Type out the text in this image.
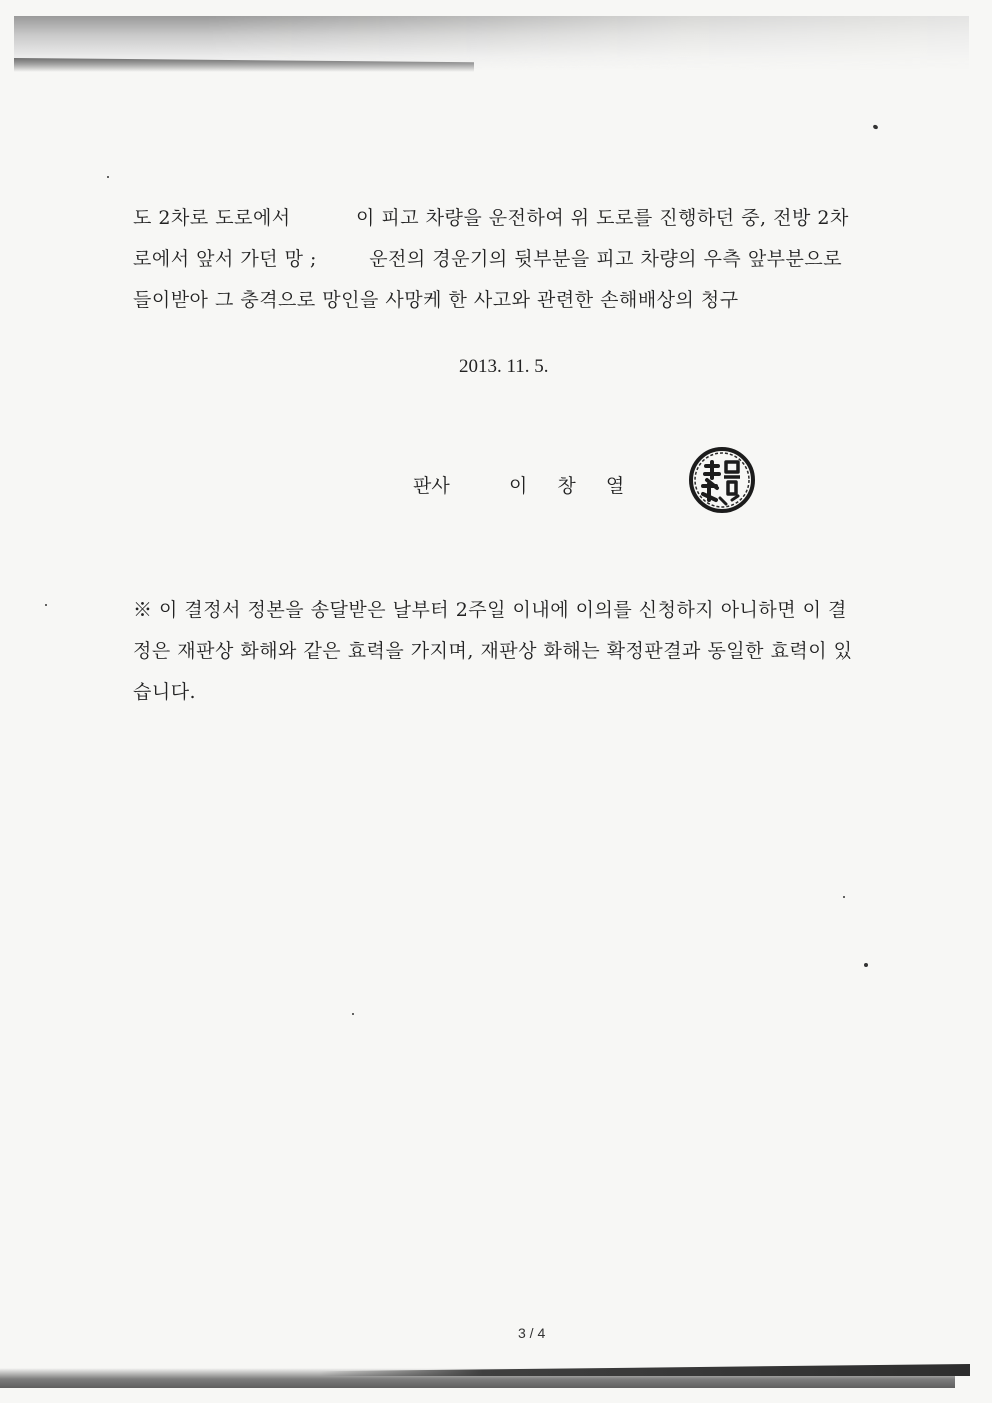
도 2차로 도로에서          이 피고 차량을 운전하여 위 도로를 진행하던 중, 전방 2차
로에서 앞서 가던 망 ;        운전의 경운기의 뒷부분을 피고 차량의 우측 앞부분으로
들이받아 그 충격으로 망인을 사망케 한 사고와 관련한 손해배상의 청구
2013. 11. 5.
판사	이  창  열
※ 이 결정서 정본을 송달받은 날부터 2주일 이내에 이의를 신청하지 아니하면 이 결
정은 재판상 화해와 같은 효력을 가지며, 재판상 화해는 확정판결과 동일한 효력이 있
습니다.
3 / 4
